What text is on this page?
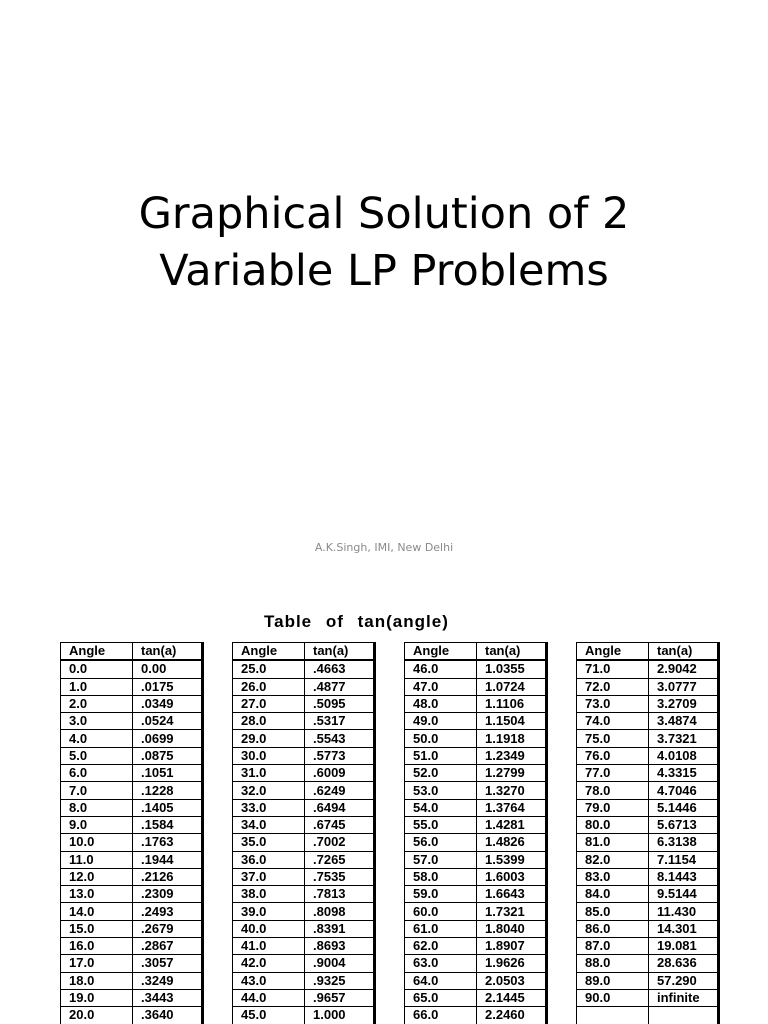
Graphical Solution of 2
Variable LP Problems
A.K.Singh, IMI, New Delhi
Table of tan(angle)
Angle	tan(a)
0.0	0.00
1.0	.0175
2.0	.0349
3.0	.0524
4.0	.0699
5.0	.0875
6.0	.1051
7.0	.1228
8.0	.1405
9.0	.1584
10.0	.1763
11.0	.1944
12.0	.2126
13.0	.2309
14.0	.2493
15.0	.2679
16.0	.2867
17.0	.3057
18.0	.3249
19.0	.3443
20.0	.3640
Angle	tan(a)
25.0	.4663
26.0	.4877
27.0	.5095
28.0	.5317
29.0	.5543
30.0	.5773
31.0	.6009
32.0	.6249
33.0	.6494
34.0	.6745
35.0	.7002
36.0	.7265
37.0	.7535
38.0	.7813
39.0	.8098
40.0	.8391
41.0	.8693
42.0	.9004
43.0	.9325
44.0	.9657
45.0	1.000
Angle	tan(a)
46.0	1.0355
47.0	1.0724
48.0	1.1106
49.0	1.1504
50.0	1.1918
51.0	1.2349
52.0	1.2799
53.0	1.3270
54.0	1.3764
55.0	1.4281
56.0	1.4826
57.0	1.5399
58.0	1.6003
59.0	1.6643
60.0	1.7321
61.0	1.8040
62.0	1.8907
63.0	1.9626
64.0	2.0503
65.0	2.1445
66.0	2.2460
Angle	tan(a)
71.0	2.9042
72.0	3.0777
73.0	3.2709
74.0	3.4874
75.0	3.7321
76.0	4.0108
77.0	4.3315
78.0	4.7046
79.0	5.1446
80.0	5.6713
81.0	6.3138
82.0	7.1154
83.0	8.1443
84.0	9.5144
85.0	11.430
86.0	14.301
87.0	19.081
88.0	28.636
89.0	57.290
90.0	infinite
